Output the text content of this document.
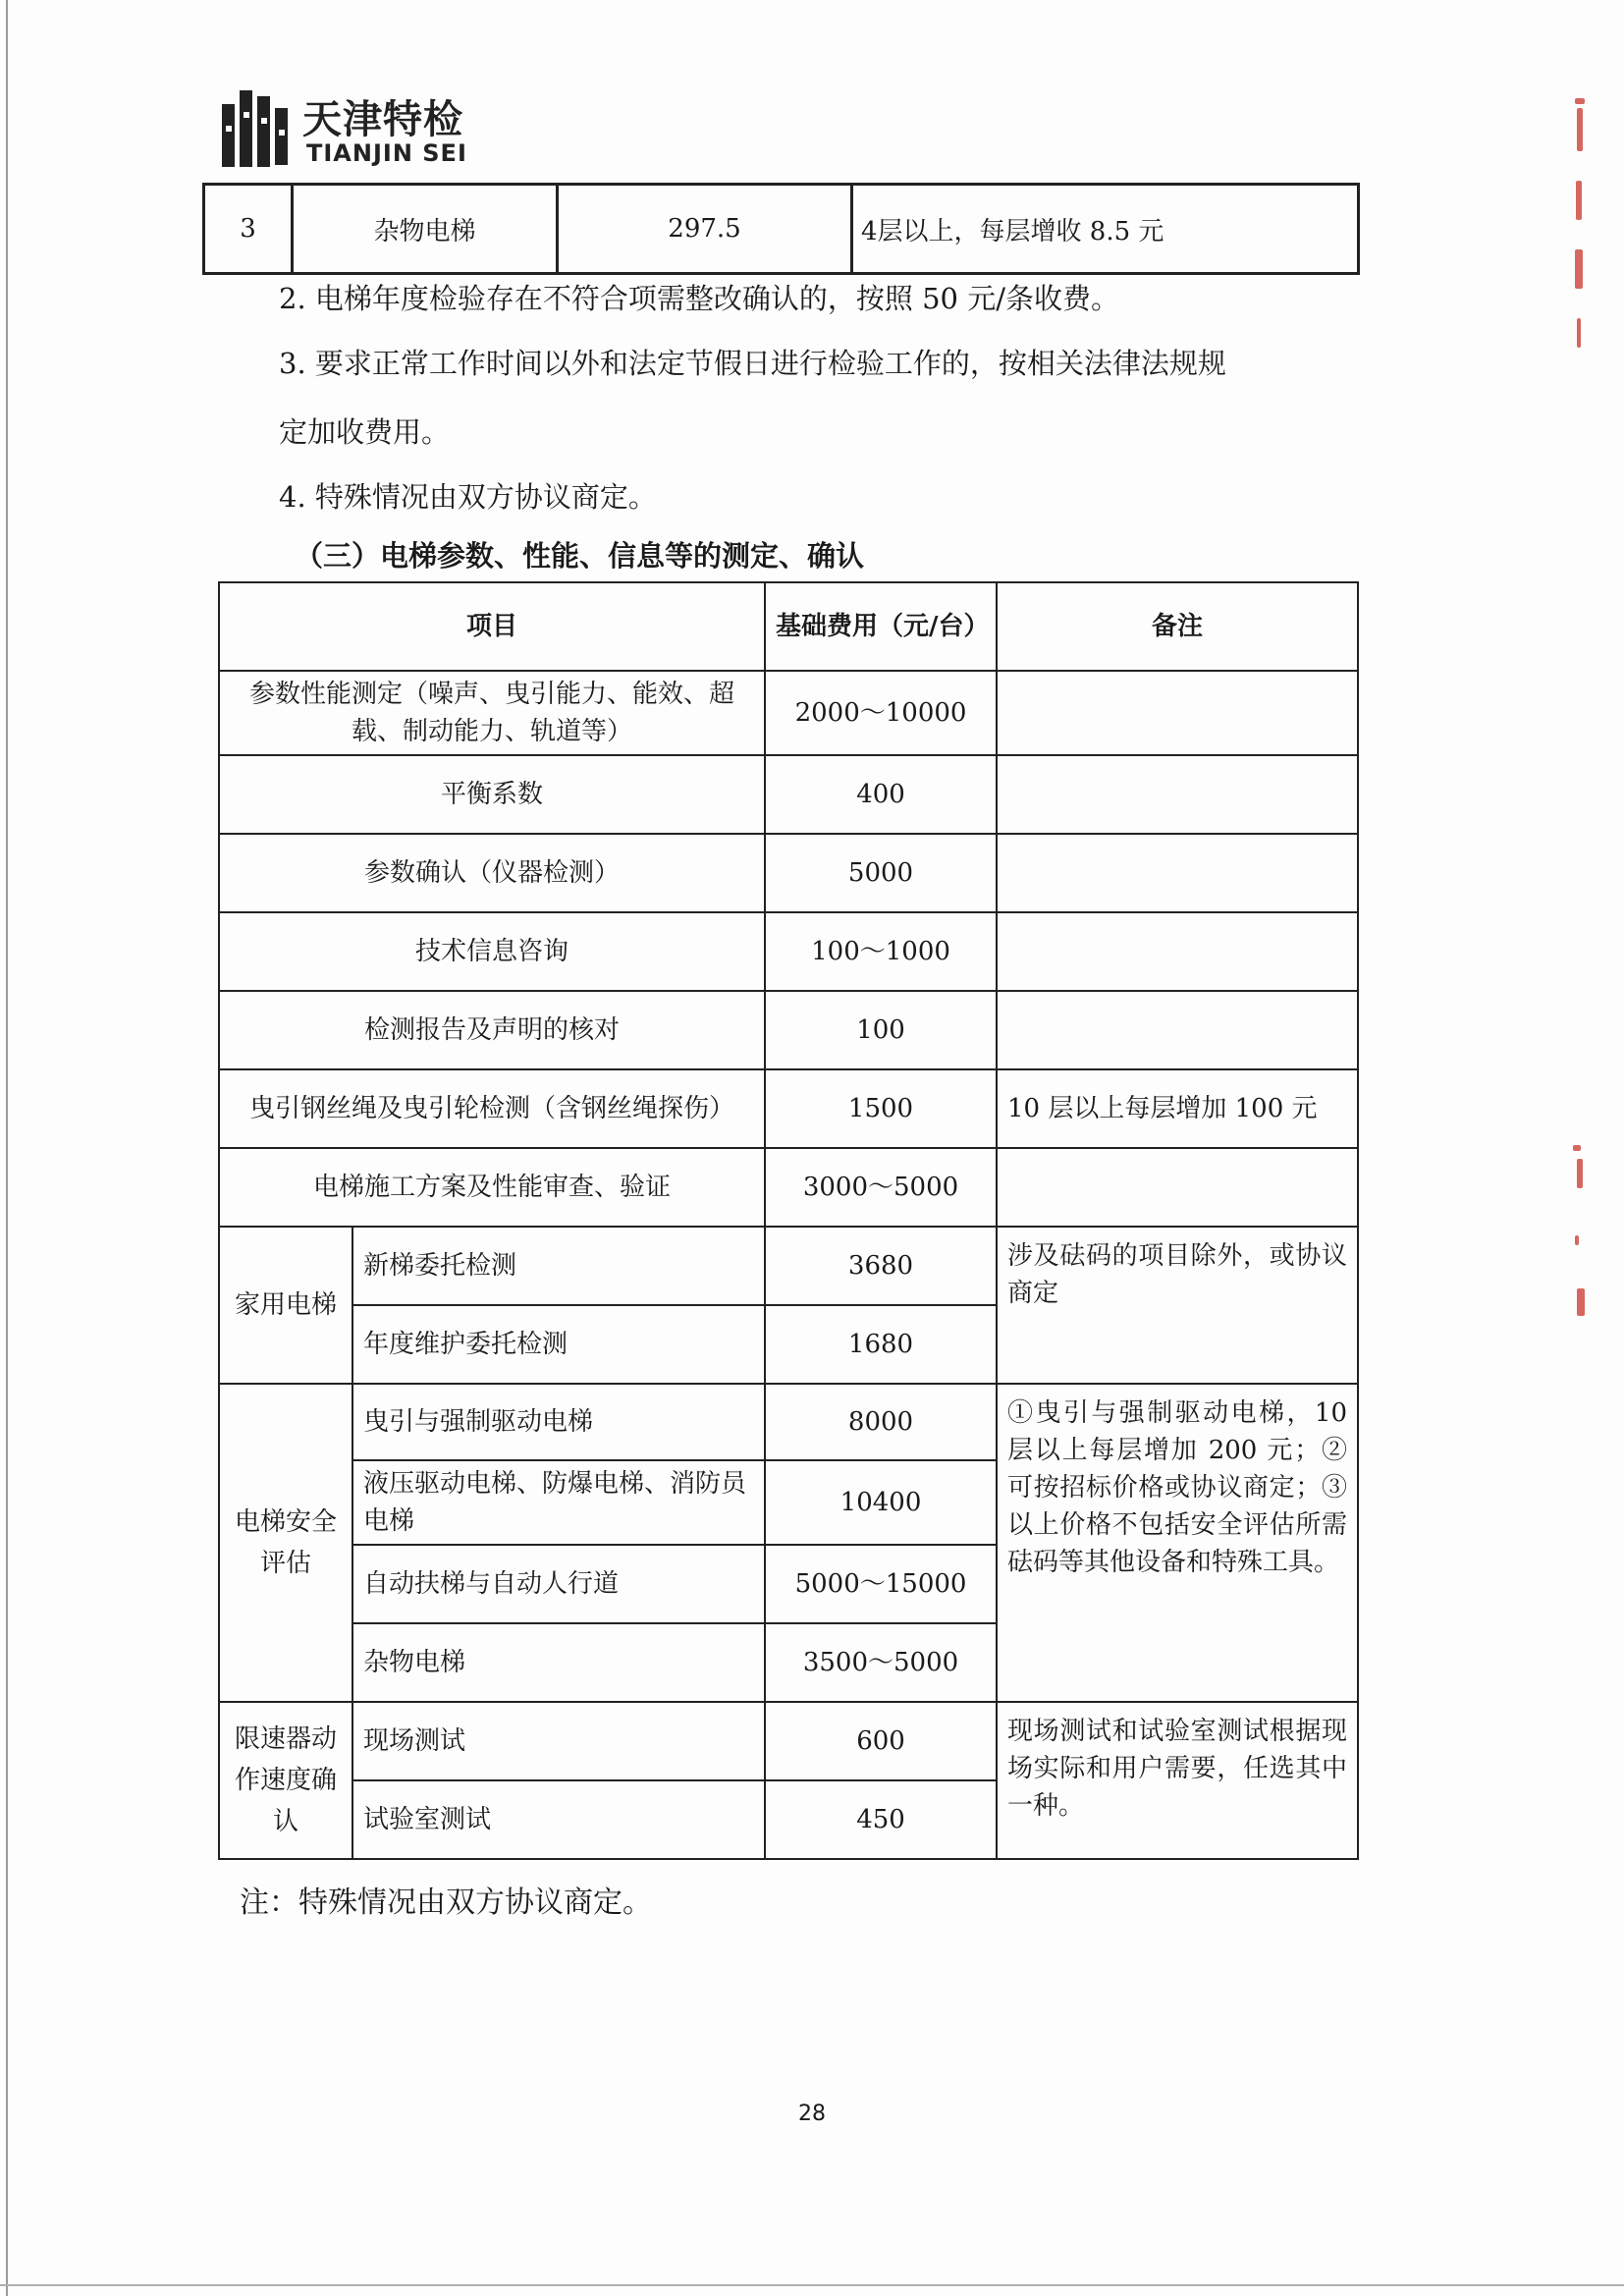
天津特检
TIANJIN SEI
3	杂物电梯	297.5	4层以上，每层增收 8.5 元
2. 电梯年度检验存在不符合项需整改确认的，按照 50 元/条收费。
3. 要求正常工作时间以外和法定节假日进行检验工作的，按相关法律法规规
定加收费用。
4. 特殊情况由双方协议商定。
（三）电梯参数、性能、信息等的测定、确认
项目		基础费用（元/台）	备注
参数性能测定（噪声、曳引能力、能效、超载、制动能力、轨道等）		2000～10000	
平衡系数		400	
参数确认（仪器检测）		5000	
技术信息咨询		100～1000	
检测报告及声明的核对		100	
曳引钢丝绳及曳引轮检测（含钢丝绳探伤）		1500	10 层以上每层增加 100 元
电梯施工方案及性能审查、验证		3000～5000	
家用电梯	新梯委托检测	3680	涉及砝码的项目除外，或协议商定
	年度维护委托检测	1680	
电梯安全评估	曳引与强制驱动电梯	8000	①曳引与强制驱动电梯，10 层以上每层增加 200 元；②可按招标价格或协议商定；③以上价格不包括安全评估所需砝码等其他设备和特殊工具。
	液压驱动电梯、防爆电梯、消防员电梯	10400	
	自动扶梯与自动人行道	5000～15000	
	杂物电梯	3500～5000	
限速器动作速度确认	现场测试	600	现场测试和试验室测试根据现场实际和用户需要，任选其中一种。
	试验室测试	450	
注：特殊情况由双方协议商定。
28
